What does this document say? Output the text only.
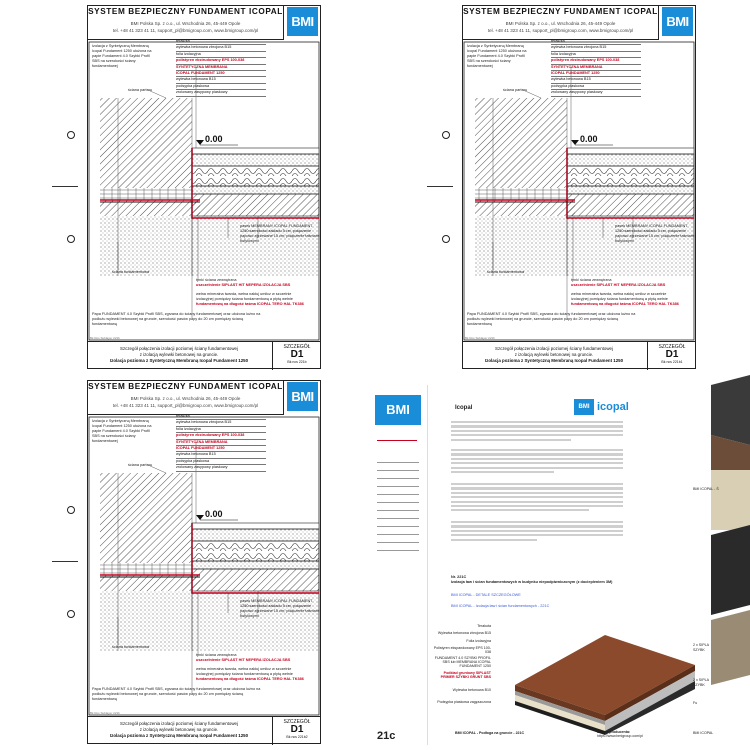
SYSTEM BEZPIECZNY FUNDAMENT ICOPAL
BMI Polska Sp. z o.o., ul. Wschodnia 26, 45-449 Opole
tel. +48 41 323 41 11, support_pl@bmigroup.com, www.bmigroup.com/pl
BMI
terakota
wylewka betonowa zbrojona B15
folia izolacyjna
polistyren ekstrudowany EPS 100-038
SYNTETYCZNA MEMBRANA
ICOPAL FUNDAMENT 1250
wylewka betonowa B15
podsypka piaskowa
zrolowany zasypowy piaskowy
Izolacja z Syntetyczną Membraną Icopal Fundament 1250 ułożona na papie Fundament 4.0 Szybki Profil SBS na szerokości ściany fundamentowej
ściana parteru
0.00
ściana fundamentowa
pasek MEMBRANY ICOPAL FUNDAMENT 1250 szerokości zakładu 5 cm, połączenie papowo zgrzewane 15 cm, połączenie taśmami butylowymi
tynk/ ściana zewnętrzna
uszczelnienie SIPLAST HIT NEPERA IZOLACJA SBS
wełna mineralna twarda, wełna nakłuj umiłcz w szczelnie
izolacyjnej pomiędzy ściana fundamentową a płytą wełnie
fundamentową na długość taśma ICOPAL TERO HAL TK386
Papa FUNDAMENT 4.0 Szybki Profil SBS, zgrzana do ściany fundamentowej oraz ułożona luźno na podłożu wylewki betonowej na gruncie, szerokość pasów papy do 20 cm pomiędzy ścianą fundamentową
Bk Ros Sublayer 221b
Szczegół połączenia izolacji poziomej ściany fundamentowej
z izolacją wylewki betonowej na gruncie.
Izolacja pozioma z Syntetyczną Membraną Icopal Fundament 1250
SZCZEGÓŁ
D1
Bk ncs 221b
SYSTEM BEZPIECZNY FUNDAMENT ICOPAL
BMI Polska Sp. z o.o., ul. Wschodnia 26, 45-449 Opole
tel. +48 41 323 41 11, support_pl@bmigroup.com, www.bmigroup.com/pl
BMI
terakota
wylewka betonowa zbrojona B15
folia izolacyjna
polistyren ekstrudowany EPS 100-038
SYNTETYCZNA MEMBRANA
ICOPAL FUNDAMENT 1250
wylewka betonowa B15
podsypka piaskowa
zrolowany zasypowy piaskowy
Izolacja z Syntetyczną Membraną Icopal Fundament 1250 ułożona na papie Fundament 4.0 Szybki Profil SBS na szerokości ściany fundamentowej
ściana parteru
0.00
ściana fundamentowa
pasek MEMBRANY ICOPAL FUNDAMENT 1250 szerokości zakładu 5 cm, połączenie papowo zgrzewane 15 cm, połączenie taśmami butylowymi
tynk/ ściana zewnętrzna
uszczelnienie SIPLAST HIT NEPERA IZOLACJA SBS
wełna mineralna twarda, wełna nakłuj umiłcz w szczelnie
izolacyjnej pomiędzy ściana fundamentową a płytą wełnie
fundamentową na długość taśma ICOPAL TERO HAL TK386
Papa FUNDAMENT 4.0 Szybki Profil SBS, zgrzana do ściany fundamentowej oraz ułożona luźno na podłożu wylewki betonowej na gruncie, szerokość pasów papy do 20 cm pomiędzy ścianą fundamentową
Bk Ros Sublayer 221b
Szczegół połączenia izolacji poziomej ściany fundamentowej
z izolacją wylewki betonowej na gruncie.
Izolacja pozioma z Syntetyczną Membraną Icopal Fundament 1250
SZCZEGÓŁ
D1
Bk ncs 221b1
SYSTEM BEZPIECZNY FUNDAMENT ICOPAL
BMI Polska Sp. z o.o., ul. Wschodnia 26, 45-449 Opole
tel. +48 41 323 41 11, support_pl@bmigroup.com, www.bmigroup.com/pl
BMI
terakota
wylewka betonowa zbrojona B15
folia izolacyjna
polistyren ekstrudowany EPS 100-038
SYNTETYCZNA MEMBRANA
ICOPAL FUNDAMENT 1250
wylewka betonowa B15
podsypka piaskowa
zrolowany zasypowy piaskowy
Izolacja z Syntetyczną Membraną Icopal Fundament 1250 ułożona na papie Fundament 4.0 Szybki Profil SBS na szerokości ściany fundamentowej
ściana parteru
0.00
ściana fundamentowa
pasek MEMBRANY ICOPAL FUNDAMENT 1250 szerokości zakładu 5 cm, połączenie papowo zgrzewane 15 cm, połączenie taśmami butylowymi
tynk/ ściana zewnętrzna
uszczelnienie SIPLAST HIT NEPERA IZOLACJA SBS
wełna mineralna twarda, wełna nakłuj umiłcz w szczelnie
izolacyjnej pomiędzy ściana fundamentową a płytą wełnie
fundamentową na długość taśma ICOPAL TERO HAL TK386
Papa FUNDAMENT 4.0 Szybki Profil SBS, zgrzana do ściany fundamentowej oraz ułożona luźno na podłożu wylewki betonowej na gruncie, szerokość pasów papy do 20 cm pomiędzy ścianą fundamentową
Bk Ros Sublayer 221b
Szczegół połączenia izolacji poziomej ściany fundamentowej
z izolacją wylewki betonowej na gruncie.
Izolacja pozioma z Syntetyczną Membraną Icopal Fundament 1250
SZCZEGÓŁ
D1
Bk ncs 221b2
BMI
21c
BMI icopal
Icopal
Nr. 221C
Izolacja ław i ścian fundamentowych w budynku niepodpiwniczonym (z dociepleniem 3M)
BMI ICOPAL - DETALE SZCZEGÓŁOWE
BMI ICOPAL - Izolacja ław i ścian fundamentowych - 221C
Terakota
Wylewka betonowa zbrojona B15
Folia izolacyjna
Polistyren ekspandowany EPS 100-038
FUNDAMENT 4.0 SZYBKI PROFIL SBS lub MEMBRANA ICOPAL FUNDAMENT 1250
Podkład gruntowy SIPLAST PRIMER SZYBKI GRUNT SBS
Wylewka betonowa B10
Podsypka piaskowa zagęszczona
BMI ICOPAL - Podłoga na gruncie - 221C	Strona producenta:
https://www.bmigroup.com/pl
BMI ICOPAL - Ś
2 x SIPLA
SZYBK
2 x SIPLA
SZYBK
Fu
BMI ICOPAL
